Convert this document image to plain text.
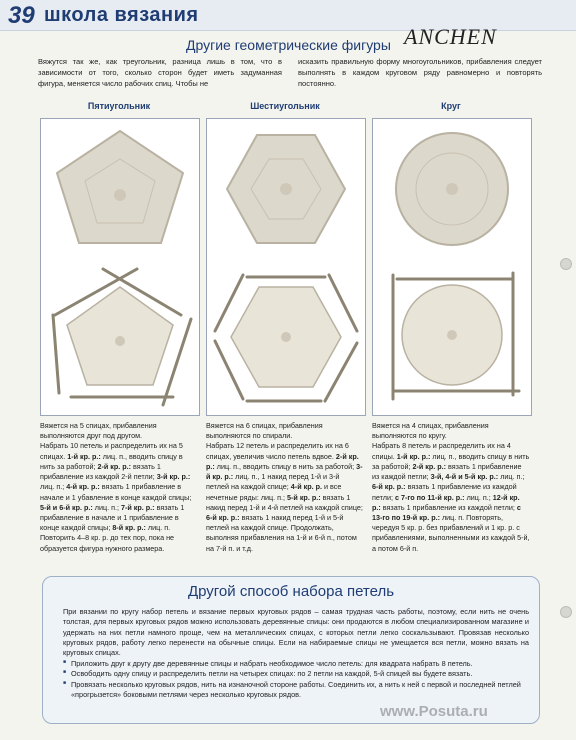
39 школа вязания
ANCHEN
Другие геометрические фигуры
Вяжутся так же, как треугольник, разница лишь в том, что в зависимости от того, сколько сторон будет иметь задуманная фигура, меняется число рабочих спиц. Чтобы не
исказить правильную форму многоугольников, прибавления следует выполнять в каждом круговом ряду равномерно и повторять постоянно.
Пятиугольник	Шестиугольник	Круг
Вяжется на 5 спицах, прибавления выполняются друг под другом.
Набрать 10 петель и распределить их на 5 спицах. 1-й кр. р.: лиц. п., вводить спицу в нить за работой; 2-й кр. р.: вязать 1 прибавление из каждой 2-й петли; 3-й кр. р.: лиц. п.; 4-й кр. р.: вязать 1 прибавление в начале и 1 убавление в конце каждой спицы; 5-й и 6-й кр. р.: лиц. п.; 7-й кр. р.: вязать 1 прибавление в начале и 1 прибавление в конце каждой спицы; 8-й кр. р.: лиц. п. Повторить 4–8 кр. р. до тех пор, пока не образуется фигура нужного размера.
Вяжется на 6 спицах, прибавления выполняются по спирали.
Набрать 12 петель и распределить их на 6 спицах, увеличив число петель вдвое. 2-й кр. р.: лиц. п., вводить спицу в нить за работой; 3-й кр. р.: лиц. п., 1 накид перед 1-й и 3-й петлей на каждой спице; 4-й кр. р. и все нечетные ряды: лиц. п.; 5-й кр. р.: вязать 1 накид перед 1-й и 4-й петлей на каждой спице; 6-й кр. р.: вязать 1 накид перед 1-й и 5-й петлей на каждой спице. Продолжать, выполняя прибавления на 1-й и 6-й п., потом на 7-й п. и т.д.
Вяжется на 4 спицах, прибавления выполняются по кругу.
Набрать 8 петель и распределить их на 4 спицы. 1-й кр. р.: лиц. п., вводить спицу в нить за работой; 2-й кр. р.: вязать 1 прибавление из каждой петли; 3-й, 4-й и 5-й кр. р.: лиц. п.; 6-й кр. р.: вязать 1 прибавление из каждой петли; с 7-го по 11-й кр. р.: лиц. п.; 12-й кр. р.: вязать 1 прибавление из каждой петли; с 13-го по 19-й кр. р.: лиц. п. Повторять, чередуя 5 кр. р. без прибавлений и 1 кр. р. с прибавлениями, выполненными из каждой 5-й, а потом 6-й п.
Другой способ набора петель
При вязании по кругу набор петель и вязание первых круговых рядов – самая трудная часть работы, поэтому, если нить не очень толстая, для первых круговых рядов можно использовать деревянные спицы: они продаются в любом специализированном магазине и удержать на них петли намного проще, чем на металлических спицах, с которых петли легко соскальзывают. Провязав несколько круговых рядов, работу легко перенести на обычные спицы. Если на набираемые спицы не умещается вся петли, можно вязать на круговых спицах.
■ Приложить друг к другу две деревянные спицы и набрать необходимое число петель: для квадрата набрать 8 петель.
■ Освободить одну спицу и распределить петли на четырех спицах: по 2 петли на каждой, 5-й спицей вы будете вязать.
■ Провязать несколько круговых рядов, нить на изнаночной стороне работы. Соединить их, а нить к ней с первой и последней петлей «прогрызется» боковыми петлями через несколько круговых рядов.
www.Posuta.ru
